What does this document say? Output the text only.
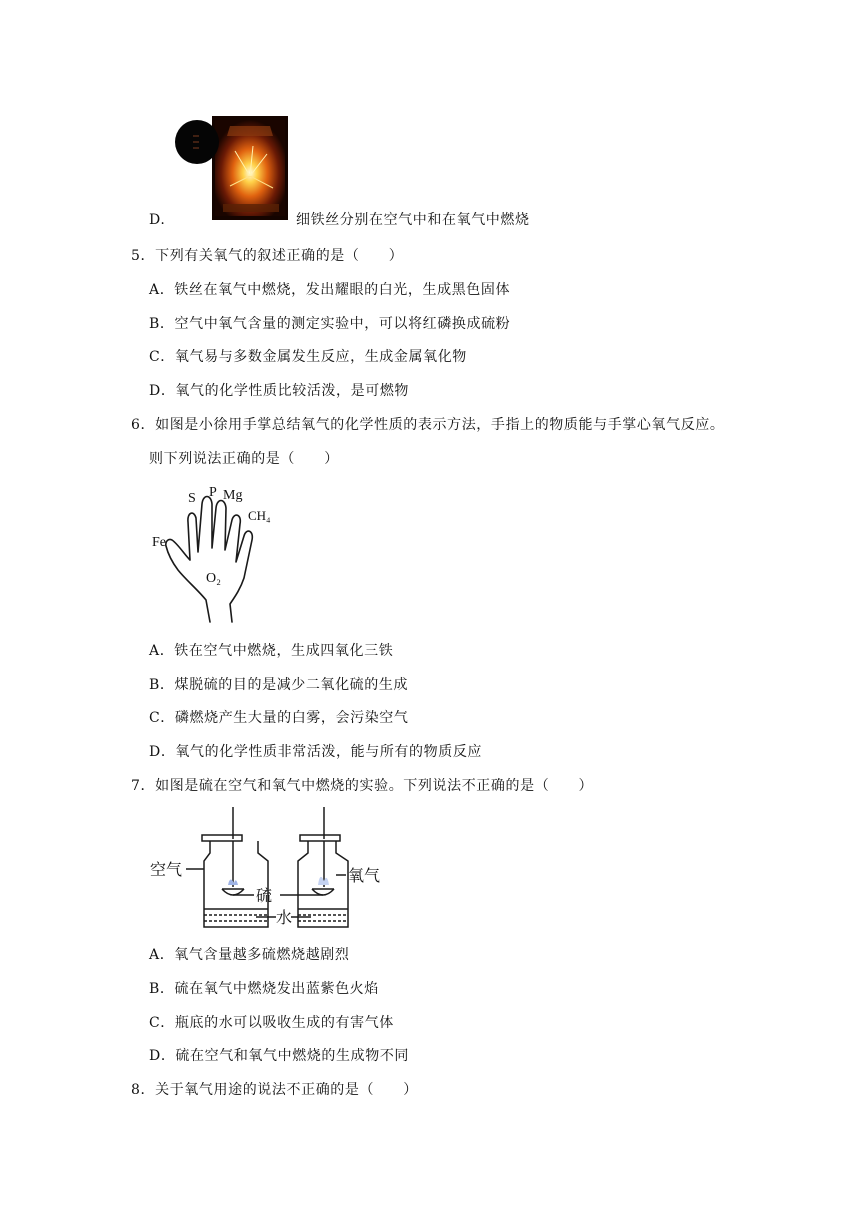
D.	细铁丝分别在空气中和在氧气中燃烧
5．下列有关氧气的叙述正确的是（　　）
A．铁丝在氧气中燃烧，发出耀眼的白光，生成黑色固体
B．空气中氧气含量的测定实验中，可以将红磷换成硫粉
C．氧气易与多数金属发生反应，生成金属氧化物
D．氧气的化学性质比较活泼，是可燃物
6．如图是小徐用手掌总结氧气的化学性质的表示方法，手指上的物质能与手掌心氧气反应。
则下列说法正确的是（　　）
S P Mg
CH₄
Fe
O₂
A．铁在空气中燃烧，生成四氧化三铁
B．煤脱硫的目的是减少二氧化硫的生成
C．磷燃烧产生大量的白雾，会污染空气
D．氧气的化学性质非常活泼，能与所有的物质反应
7．如图是硫在空气和氧气中燃烧的实验。下列说法不正确的是（　　）
空气
硫
水
氧气
A．氧气含量越多硫燃烧越剧烈
B．硫在氧气中燃烧发出蓝紫色火焰
C．瓶底的水可以吸收生成的有害气体
D．硫在空气和氧气中燃烧的生成物不同
8．关于氧气用途的说法不正确的是（　　）
